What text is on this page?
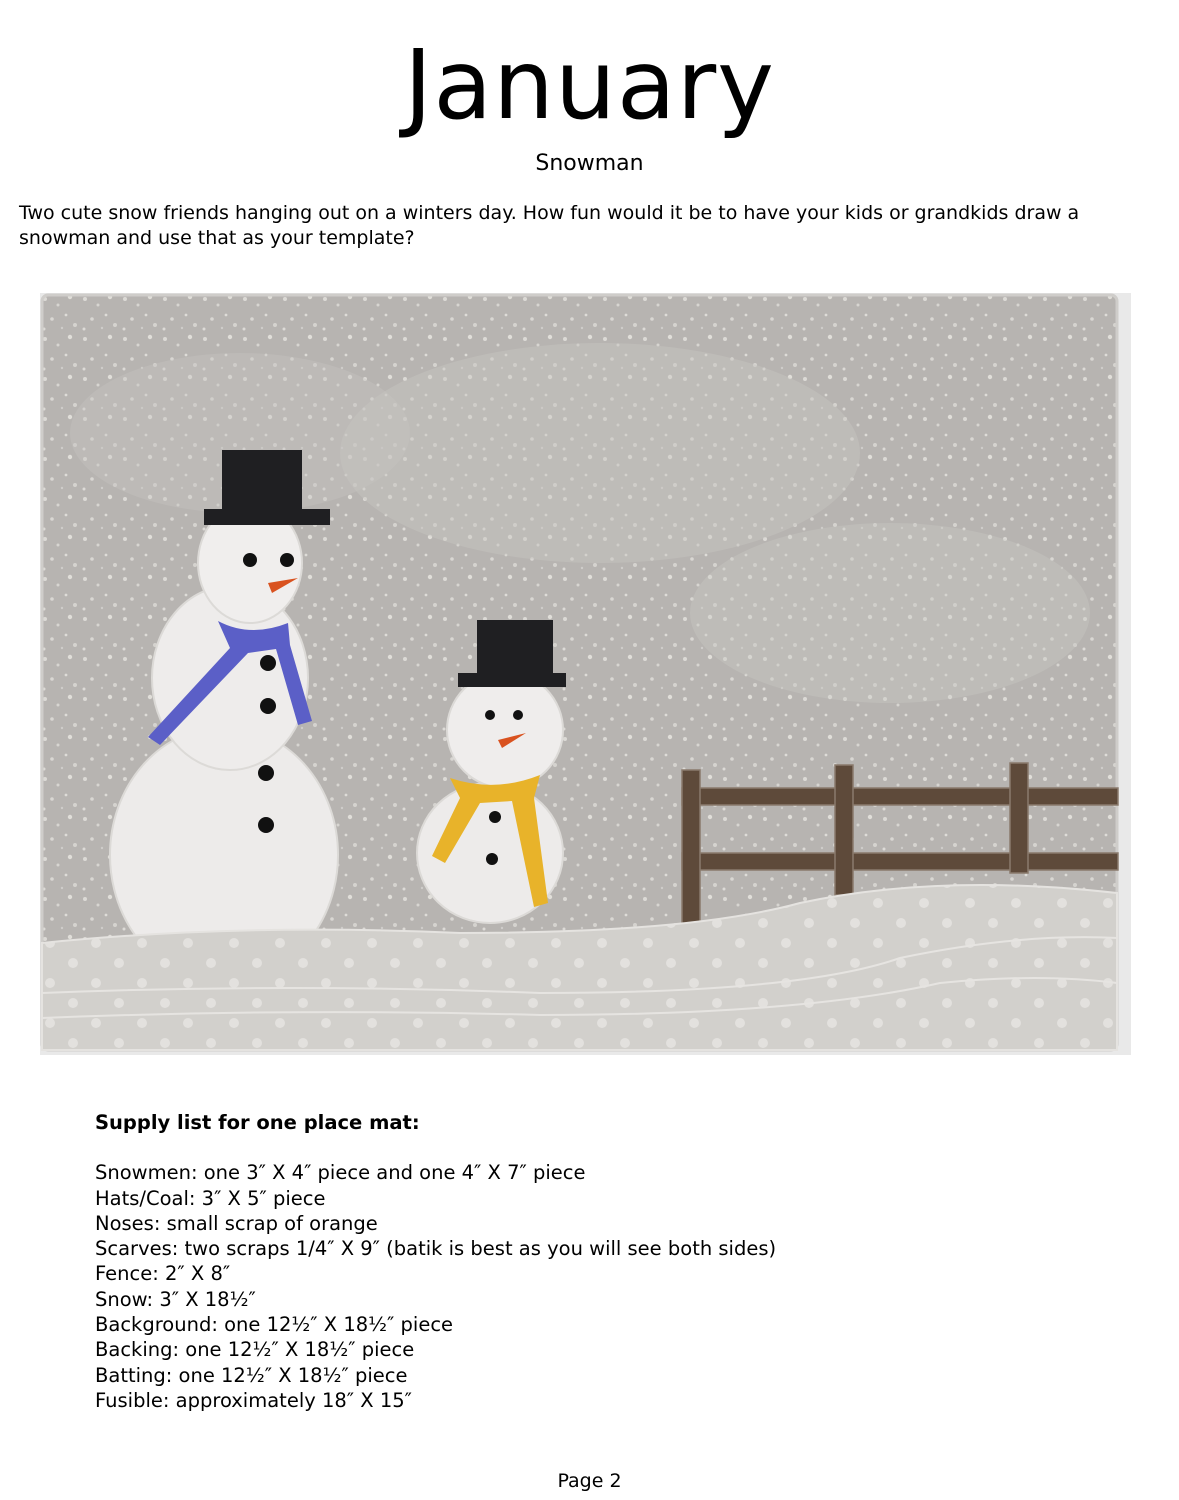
January
Snowman
Two cute snow friends hanging out on a winters day. How fun would it be to have your kids or grandkids draw a snowman and use that as your template?
Supply list for one place mat:
Snowmen: one 3″ X 4″ piece and one 4″ X 7″ piece
Hats/Coal: 3″ X 5″ piece
Noses: small scrap of orange
Scarves: two scraps 1/4″ X 9″ (batik is best as you will see both sides)
Fence: 2″ X 8″
Snow: 3″ X 18½″
Background: one 12½″ X 18½″ piece
Backing: one 12½″ X 18½″ piece
Batting: one 12½″ X 18½″ piece
Fusible: approximately 18″ X 15″
Page 2
